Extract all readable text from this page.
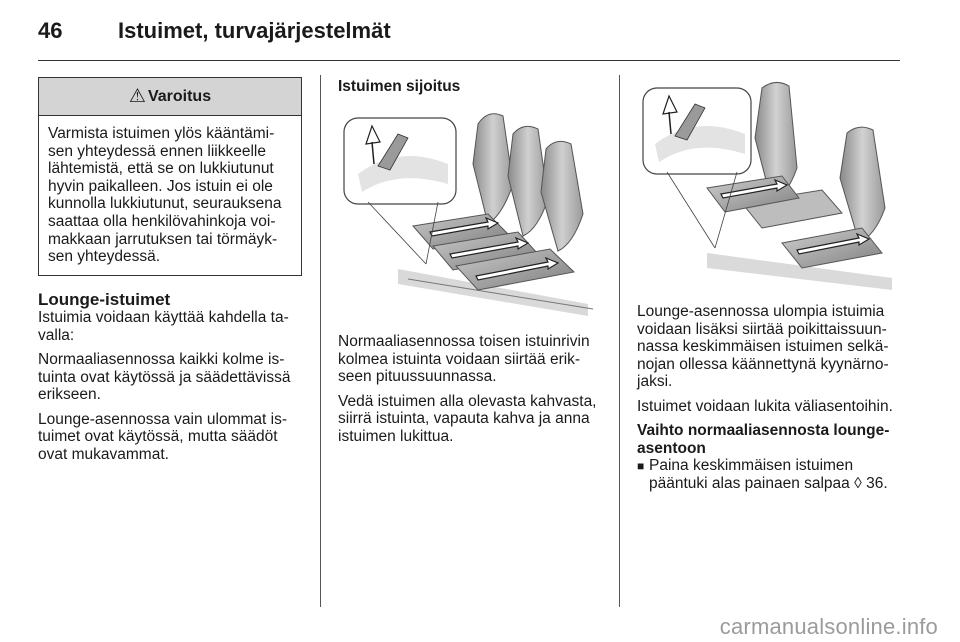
46	Istuimet, turvajärjestelmät
⚠ Varoitus
Varmista istuimen ylös kääntämi-
sen yhteydessä ennen liikkeelle
lähtemistä, että se on lukkiutunut
hyvin paikalleen. Jos istuin ei ole
kunnolla lukkiutunut, seurauksena
saattaa olla henkilövahinkoja voi-
makkaan jarrutuksen tai törmäyk-
sen yhteydessä.
Lounge-istuimet

Istuimia voidaan käyttää kahdella ta-
valla:

Normaaliasennossa kaikki kolme is-
tuinta ovat käytössä ja säädettävissä
erikseen.

Lounge-asennossa vain ulommat is-
tuimet ovat käytössä, mutta säädöt
ovat mukavammat.

Istuimen sijoitus

Normaaliasennossa toisen istuinrivin
kolmea istuinta voidaan siirtää erik-
seen pituussuunnassa.

Vedä istuimen alla olevasta kahvasta,
siirrä istuinta, vapauta kahva ja anna
istuimen lukittua.

Lounge-asennossa ulompia istuimia
voidaan lisäksi siirtää poikittaissuun-
nassa keskimmäisen istuimen selkä-
nojan ollessa käännettynä kyynärno-
jaksi.

Istuimet voidaan lukita väliasentoihin.

Vaihto normaaliasennosta lounge-
asentoon
■ Paina keskimmäisen istuimen
pääntuki alas painaen salpaa ◊ 36.
carmanualsonline.info
